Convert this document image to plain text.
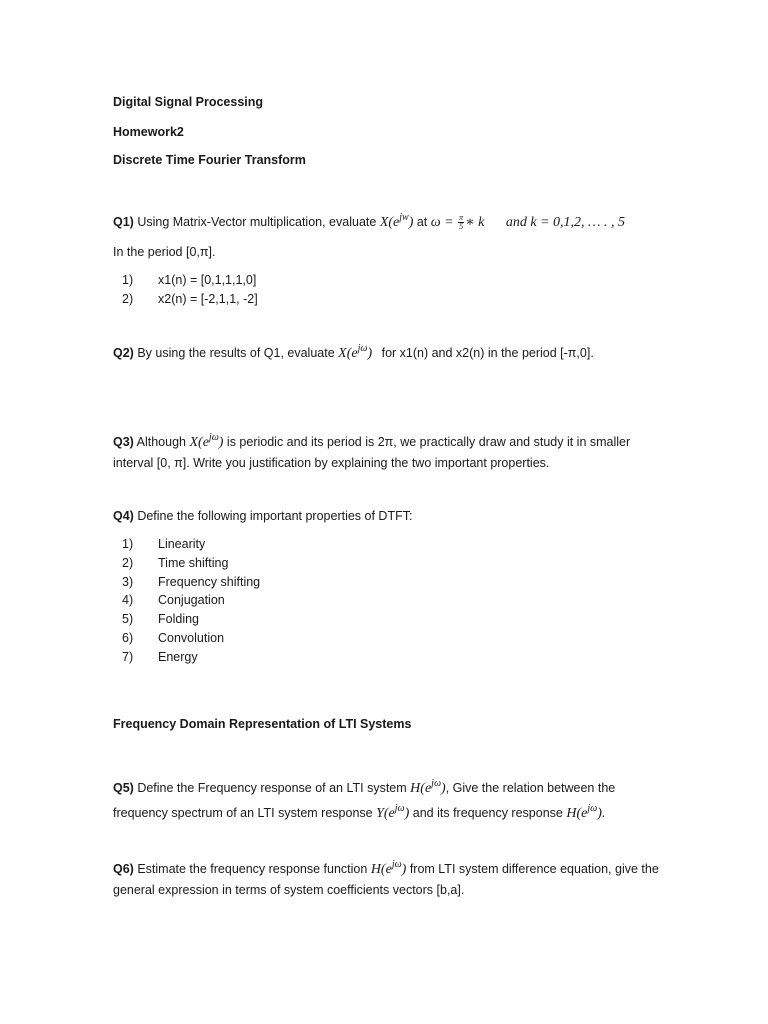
Digital Signal Processing
Homework2
Discrete Time Fourier Transform
Q1) Using Matrix-Vector multiplication, evaluate $X(e^{jw})$ at $\omega = \frac{\pi}{5}$ ∗ k and k = 0,1,2, … . , 5
In the period [0,π].
1)	x1(n) = [0,1,1,1,0]
2)	x2(n) = [-2,1,1, -2]
Q2) By using the results of Q1, evaluate $X(e^{j\omega})$ for x1(n) and x2(n) in the period [-π,0].
Q3) Although $X(e^{j\omega})$ is periodic and its period is 2π, we practically draw and study it in smaller interval [0, π]. Write you justification by explaining the two important properties.
Q4) Define the following important properties of DTFT:
1)	Linearity
2)	Time shifting
3)	Frequency shifting
4)	Conjugation
5)	Folding
6)	Convolution
7)	Energy
Frequency Domain Representation of LTI Systems
Q5) Define the Frequency response of an LTI system $H(e^{j\omega})$, Give the relation between the frequency spectrum of an LTI system response $Y(e^{j\omega})$ and its frequency response $H(e^{j\omega})$.
Q6) Estimate the frequency response function $H(e^{j\omega})$ from LTI system difference equation, give the general expression in terms of system coefficients vectors [b,a].
